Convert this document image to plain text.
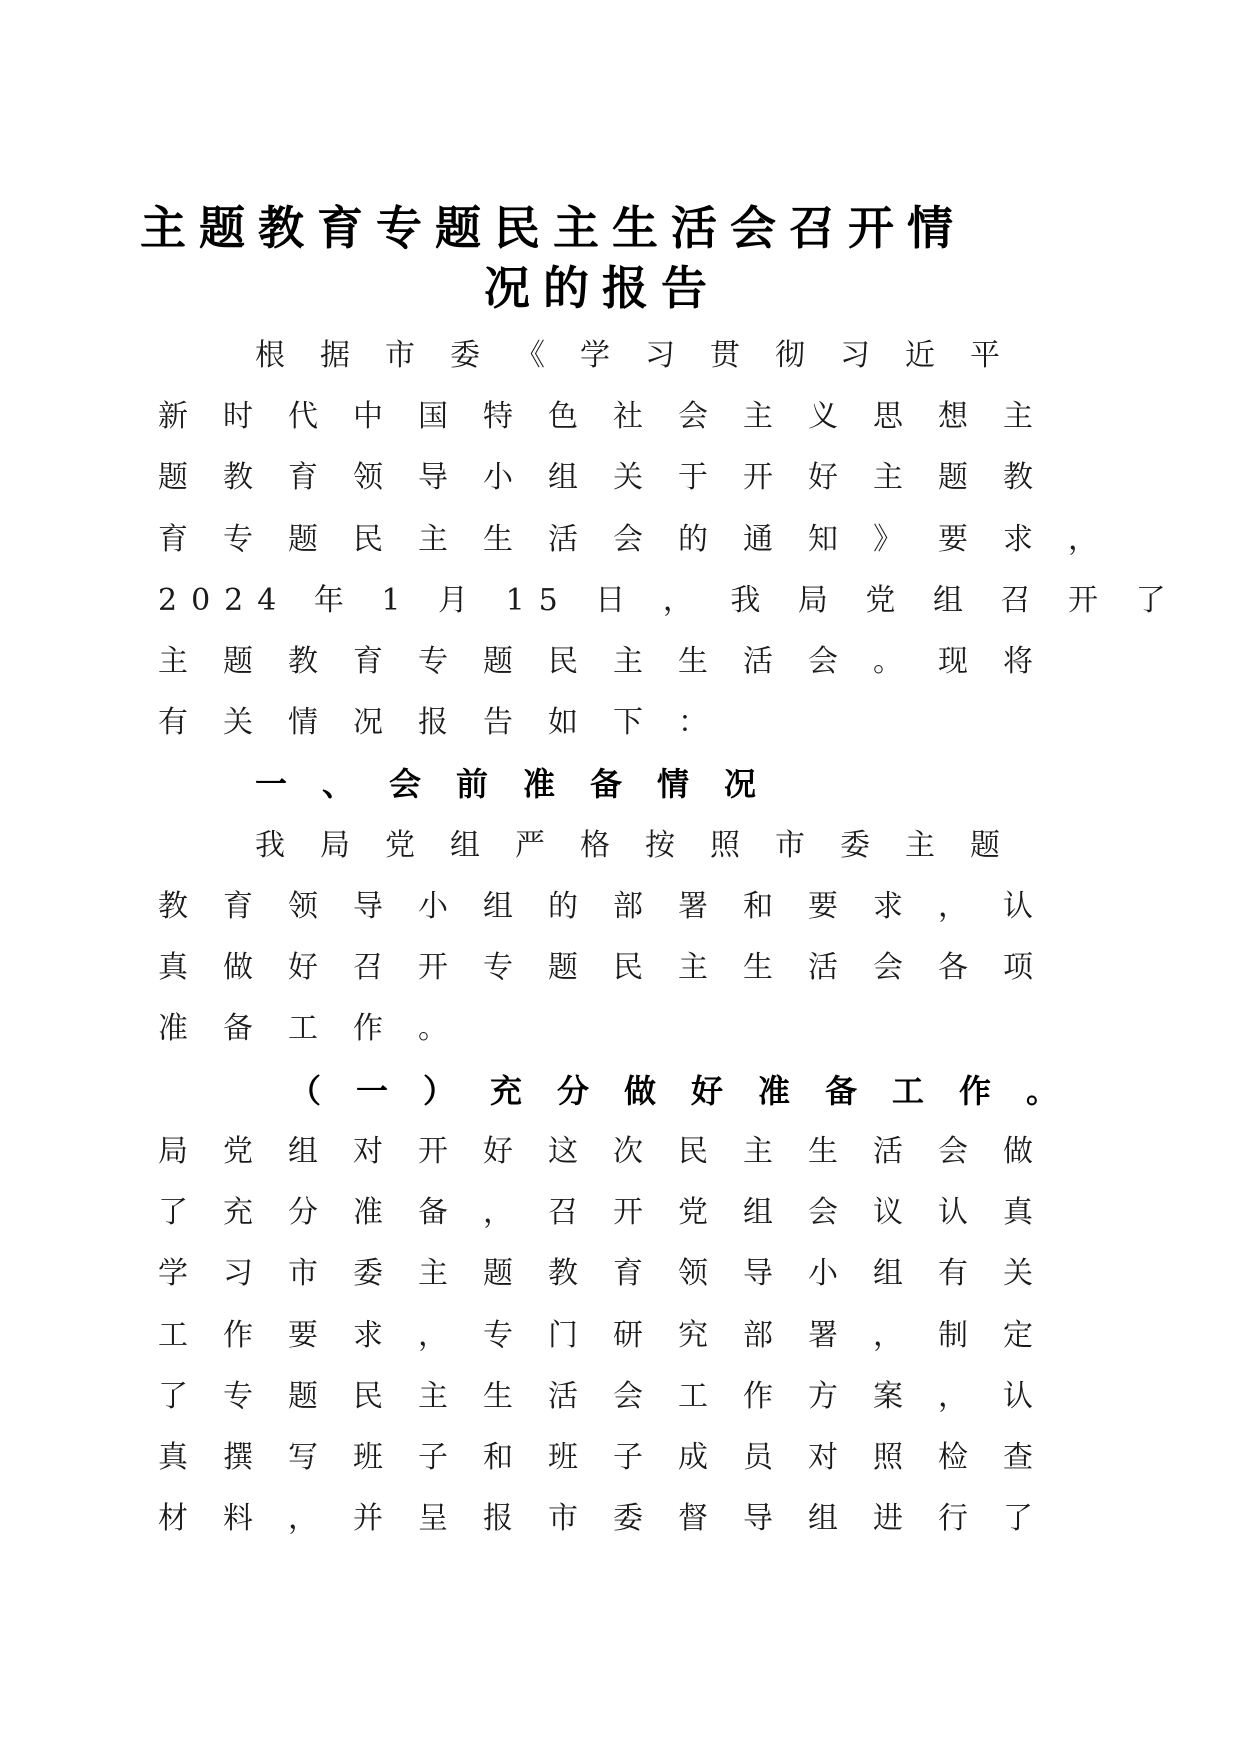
主题教育专题民主生活会召开情
况的报告

根据市委《学习贯彻习近平

新时代中国特色社会主义思想主

题教育领导小组关于开好主题教

育专题民主生活会的通知》要求，

2024 年 1 月 15 日 ， 我 局 党 组 召 开 了

主题教育专题民主生活会。现将

有关情况报告如下：

我局党组严格按照市委主题

教育领导小组的部署和要求，认

真做好召开专题民主生活会各项

准备工作。

局党组对开好这次民主生活会做

了充分准备，召开党组会议认真

学习市委主题教育领导小组有关

工作要求，专门研究部署，制定

了专题民主生活会工作方案，认

真撰写班子和班子成员对照检查

材料，并呈报市委督导组进行了

一、会前准备情况
（一）充分做好准备工作。
